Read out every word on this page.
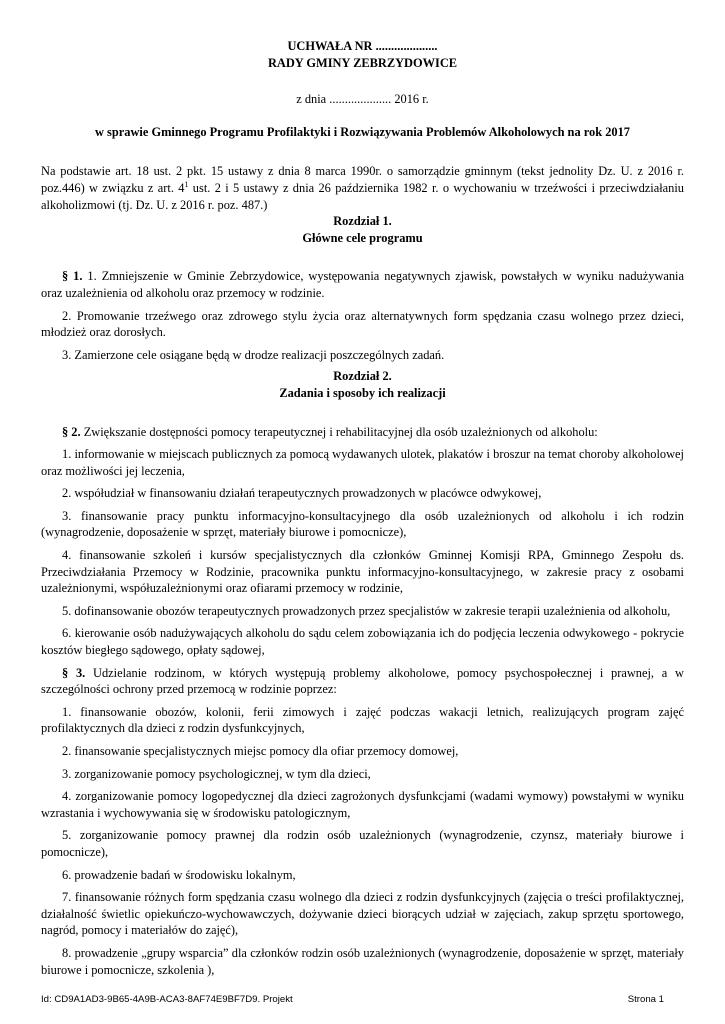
UCHWAŁA NR ....................
RADY GMINY ZEBRZYDOWICE
z dnia .................... 2016 r.
w sprawie Gminnego Programu Profilaktyki i Rozwiązywania Problemów Alkoholowych na rok 2017
Na podstawie art. 18 ust. 2 pkt. 15 ustawy z dnia 8 marca 1990r. o samorządzie gminnym (tekst jednolity Dz. U. z 2016 r. poz.446) w związku z art. $4^1$ ust. 2 i 5 ustawy z dnia 26 października 1982 r. o wychowaniu w trzeźwości i przeciwdziałaniu alkoholizmowi (tj. Dz. U. z 2016 r. poz. 487.)
Rozdział 1.
Główne cele programu
§ 1. 1. Zmniejszenie w Gminie Zebrzydowice, występowania negatywnych zjawisk, powstałych w wyniku nadużywania oraz uzależnienia od alkoholu oraz przemocy w rodzinie.
2. Promowanie trzeźwego oraz zdrowego stylu życia oraz alternatywnych form spędzania czasu wolnego przez dzieci, młodzież oraz dorosłych.
3. Zamierzone cele osiągane będą w drodze realizacji poszczególnych zadań.
Rozdział 2.
Zadania i sposoby ich realizacji
§ 2. Zwiększanie dostępności pomocy terapeutycznej i rehabilitacyjnej dla osób uzależnionych od alkoholu:
1. informowanie w miejscach publicznych za pomocą wydawanych ulotek, plakatów i broszur na temat choroby alkoholowej oraz możliwości jej leczenia,
2. współudział w finansowaniu działań terapeutycznych prowadzonych w placówce odwykowej,
3. finansowanie pracy punktu informacyjno-konsultacyjnego dla osób uzależnionych od alkoholu i ich rodzin (wynagrodzenie, doposażenie w sprzęt, materiały biurowe i pomocnicze),
4. finansowanie szkoleń i kursów specjalistycznych dla członków Gminnej Komisji RPA, Gminnego Zespołu ds. Przeciwdziałania Przemocy w Rodzinie, pracownika punktu informacyjno-konsultacyjnego, w zakresie pracy z osobami uzależnionymi, współuzależnionymi oraz ofiarami przemocy w rodzinie,
5. dofinansowanie obozów terapeutycznych prowadzonych przez specjalistów w zakresie terapii uzależnienia od alkoholu,
6. kierowanie osób nadużywających alkoholu do sądu celem zobowiązania ich do podjęcia leczenia odwykowego - pokrycie kosztów biegłego sądowego, opłaty sądowej,
§ 3. Udzielanie rodzinom, w których występują problemy alkoholowe, pomocy psychospołecznej i prawnej, a w szczególności ochrony przed przemocą w rodzinie poprzez:
1. finansowanie obozów, kolonii, ferii zimowych i zajęć podczas wakacji letnich, realizujących program zajęć profilaktycznych dla dzieci z rodzin dysfunkcyjnych,
2. finansowanie specjalistycznych miejsc pomocy dla ofiar przemocy domowej,
3. zorganizowanie pomocy psychologicznej, w tym dla dzieci,
4. zorganizowanie pomocy logopedycznej dla dzieci zagrożonych dysfunkcjami (wadami wymowy) powstałymi w wyniku wzrastania i wychowywania się w środowisku patologicznym,
5. zorganizowanie pomocy prawnej dla rodzin osób uzależnionych (wynagrodzenie, czynsz, materiały biurowe i pomocnicze),
6. prowadzenie badań w środowisku lokalnym,
7. finansowanie różnych form spędzania czasu wolnego dla dzieci z rodzin dysfunkcyjnych (zajęcia o treści profilaktycznej, działalność świetlic opiekuńczo-wychowawczych, dożywanie dzieci biorących udział w zajęciach, zakup sprzętu sportowego, nagród, pomocy i materiałów do zajęć),
8. prowadzenie „grupy wsparcia” dla członków rodzin osób uzależnionych (wynagrodzenie, doposażenie w sprzęt, materiały biurowe i pomocnicze, szkolenia ),
Id: CD9A1AD3-9B65-4A9B-ACA3-8AF74E9BF7D9. Projekt	Strona 1
